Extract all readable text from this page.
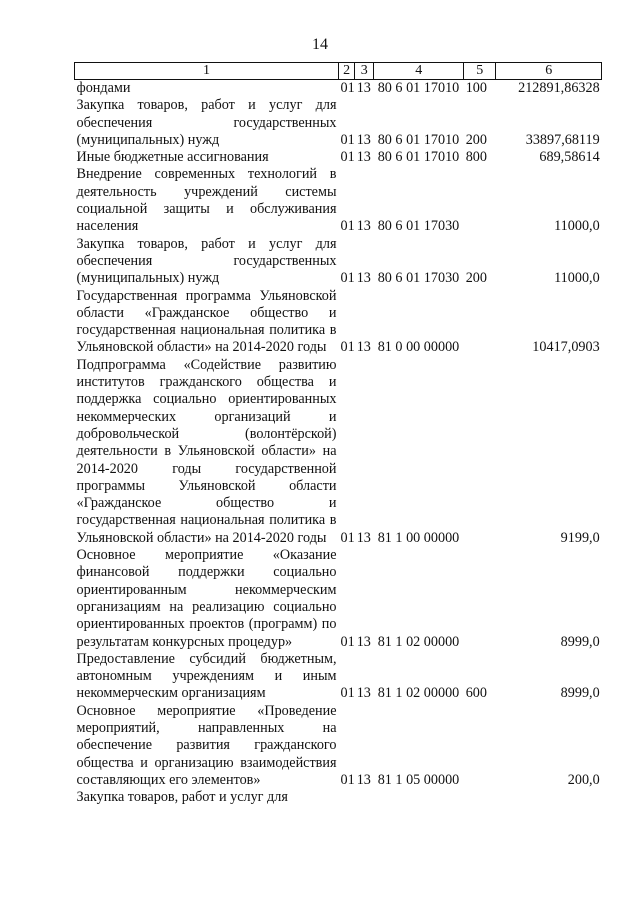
14
1	2	3	4	5	6
фондами	01	13	80 6 01 17010	100	212891,86328
Закупка товаров, работ и услуг для обеспечения государственных (муниципальных) нужд	01	13	80 6 01 17010	200	33897,68119
Иные бюджетные ассигнования	01	13	80 6 01 17010	800	689,58614
Внедрение современных технологий в деятельность учреждений системы социальной защиты и обслуживания населения	01	13	80 6 01 17030		11000,0
Закупка товаров, работ и услуг для обеспечения государственных (муниципальных) нужд	01	13	80 6 01 17030	200	11000,0
Государственная программа Ульяновской области «Гражданское общество и государственная национальная политика в Ульяновской области» на 2014-2020 годы	01	13	81 0 00 00000		10417,0903
Подпрограмма «Содействие развитию институтов гражданского общества и поддержка социально ориентированных некоммерческих организаций и добровольческой (волонтёрской) деятельности в Ульяновской области» на 2014-2020 годы государственной программы Ульяновской области «Гражданское общество и государственная национальная политика в Ульяновской области» на 2014-2020 годы	01	13	81 1 00 00000		9199,0
Основное мероприятие «Оказание финансовой поддержки социально ориентированным некоммерческим организациям на реализацию социально ориентированных проектов (программ) по результатам конкурсных процедур»	01	13	81 1 02 00000		8999,0
Предоставление субсидий бюджетным, автономным учреждениям и иным некоммерческим организациям	01	13	81 1 02 00000	600	8999,0
Основное мероприятие «Проведение мероприятий, направленных на обеспечение развития гражданского общества и организацию взаимодействия составляющих его элементов»	01	13	81 1 05 00000		200,0
Закупка товаров, работ и услуг для					
